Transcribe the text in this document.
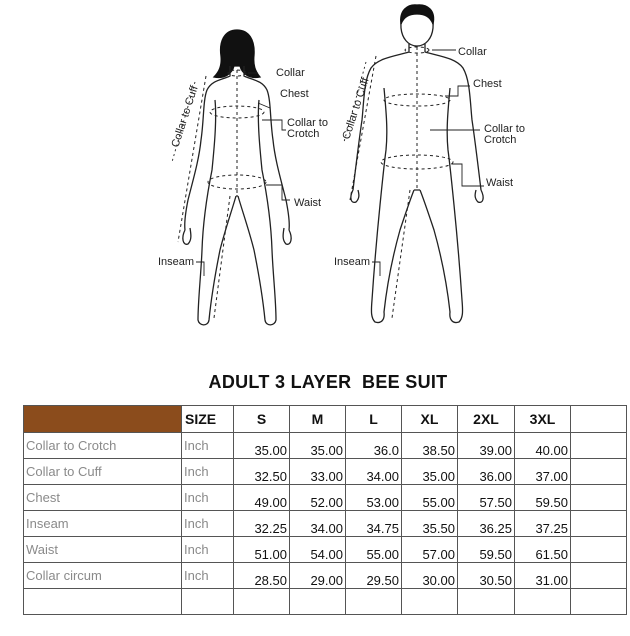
Collar
Chest
Collar to
Crotch
Waist
Inseam
Collar to Cuff
Collar
Chest
Collar to
Crotch
Waist
Inseam
Collar to Cuff
ADULT 3 LAYER  BEE SUIT
	SIZE	S	M	L	XL	2XL	3XL	
Collar to Crotch	Inch	35.00	35.00	36.0	38.50	39.00	40.00	
Collar to Cuff	Inch	32.50	33.00	34.00	35.00	36.00	37.00	
Chest	Inch	49.00	52.00	53.00	55.00	57.50	59.50	
Inseam	Inch	32.25	34.00	34.75	35.50	36.25	37.25	
Waist	Inch	51.00	54.00	55.00	57.00	59.50	61.50	
Collar circum	Inch	28.50	29.00	29.50	30.00	30.50	31.00	
